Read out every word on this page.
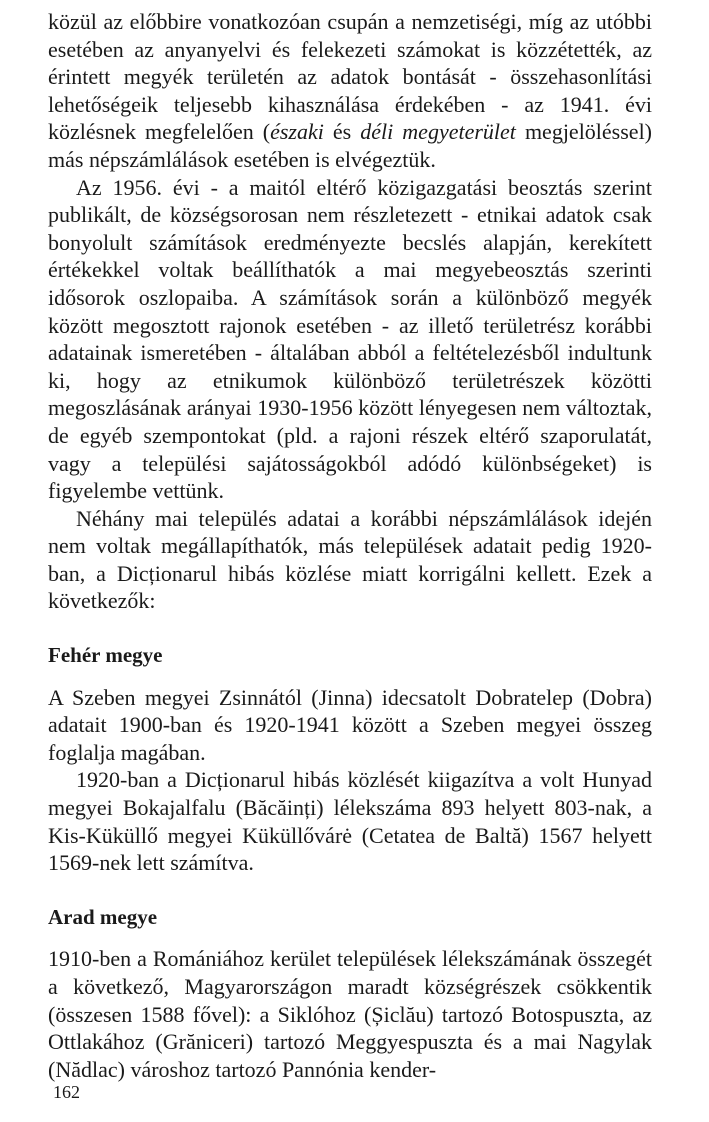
közül az előbbire vonatkozóan csupán a nemzetiségi, míg az utóbbi esetében az anyanyelvi és felekezeti számokat is közzétették, az érintett megyék területén az adatok bontását - összehasonlítási lehetőségeik teljesebb kihasználása érdekében - az 1941. évi közlésnek megfelelően (északi és déli megyeterület megjelöléssel) más népszámlálások esetében is elvégeztük.

Az 1956. évi - a maitól eltérő közigazgatási beosztás szerint publikált, de községsorosan nem részletezett - etnikai adatok csak bonyolult számítások eredményezte becslés alapján, kerekített értékekkel voltak beállíthatók a mai megyebeosztás szerinti idősorok oszlopaiba. A számítások során a különböző megyék között megosztott rajonok esetében - az illető területrész korábbi adatainak ismeretében - általában abból a feltételezésből indultunk ki, hogy az etnikumok különböző területrészek közötti megoszlásának arányai 1930-1956 között lényegesen nem változtak, de egyéb szempontokat (pld. a rajoni részek eltérő szaporulatát, vagy a települési sajátosságokból adódó különbségeket) is figyelembe vettünk.

Néhány mai település adatai a korábbi népszámlálások idején nem voltak megállapíthatók, más települések adatait pedig 1920-ban, a Dicționarul hibás közlése miatt korrigálni kellett. Ezek a következők:

Fehér megye

A Szeben megyei Zsinnától (Jinna) idecsatolt Dobratelep (Dobra) adatait 1900-ban és 1920-1941 között a Szeben megyei összeg foglalja magában.

1920-ban a Dicționarul hibás közlését kiigazítva a volt Hunyad megyei Bokajalfalu (Băcăinți) lélekszáma 893 helyett 803-nak, a Kis-Küküllő megyei Küküllővárė (Cetatea de Baltă) 1567 helyett 1569-nek lett számítva.

Arad megye

1910-ben a Romániához kerület települések lélekszámának összegét a következő, Magyarországon maradt községrészek csökkentik (összesen 1588 fővel): a Siklóhoz (Șiclău) tartozó Botospuszta, az Ottlakához (Grăniceri) tartozó Meggyespuszta és a mai Nagylak (Nădlac) városhoz tartozó Pannónia kender-

162
